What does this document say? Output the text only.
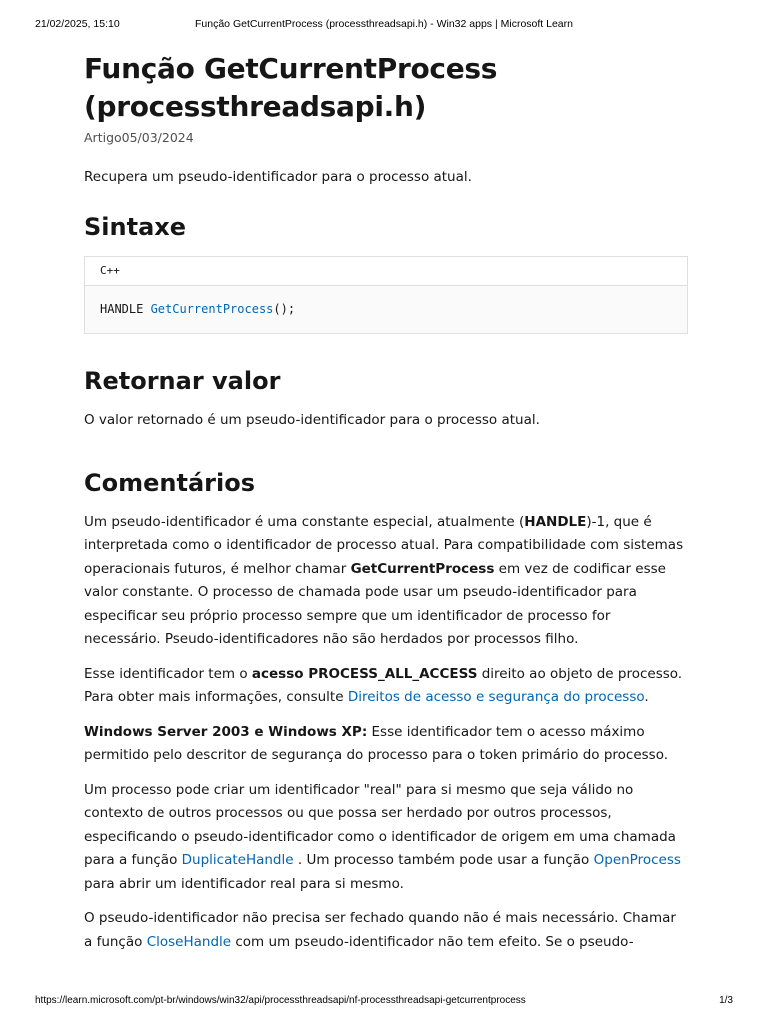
21/02/2025, 15:10	Função GetCurrentProcess (processthreadsapi.h) - Win32 apps | Microsoft Learn
Função GetCurrentProcess (processthreadsapi.h)
Artigo05/03/2024
Recupera um pseudo-identificador para o processo atual.
Sintaxe
C++
HANDLE GetCurrentProcess();
Retornar valor

O valor retornado é um pseudo-identificador para o processo atual.

Comentários

Um pseudo-identificador é uma constante especial, atualmente (HANDLE)-1, que é interpretada como o identificador de processo atual. Para compatibilidade com sistemas operacionais futuros, é melhor chamar GetCurrentProcess em vez de codificar esse valor constante. O processo de chamada pode usar um pseudo-identificador para especificar seu próprio processo sempre que um identificador de processo for necessário. Pseudo-identificadores não são herdados por processos filho.

Esse identificador tem o acesso PROCESS_ALL_ACCESS direito ao objeto de processo. Para obter mais informações, consulte Direitos de acesso e segurança do processo.

Windows Server 2003 e Windows XP: Esse identificador tem o acesso máximo permitido pelo descritor de segurança do processo para o token primário do processo.

Um processo pode criar um identificador "real" para si mesmo que seja válido no contexto de outros processos ou que possa ser herdado por outros processos, especificando o pseudo-identificador como o identificador de origem em uma chamada para a função DuplicateHandle . Um processo também pode usar a função OpenProcess para abrir um identificador real para si mesmo.

O pseudo-identificador não precisa ser fechado quando não é mais necessário. Chamar a função CloseHandle com um pseudo-identificador não tem efeito. Se o pseudo-

https://learn.microsoft.com/pt-br/windows/win32/api/processthreadsapi/nf-processthreadsapi-getcurrentprocess	1/3
